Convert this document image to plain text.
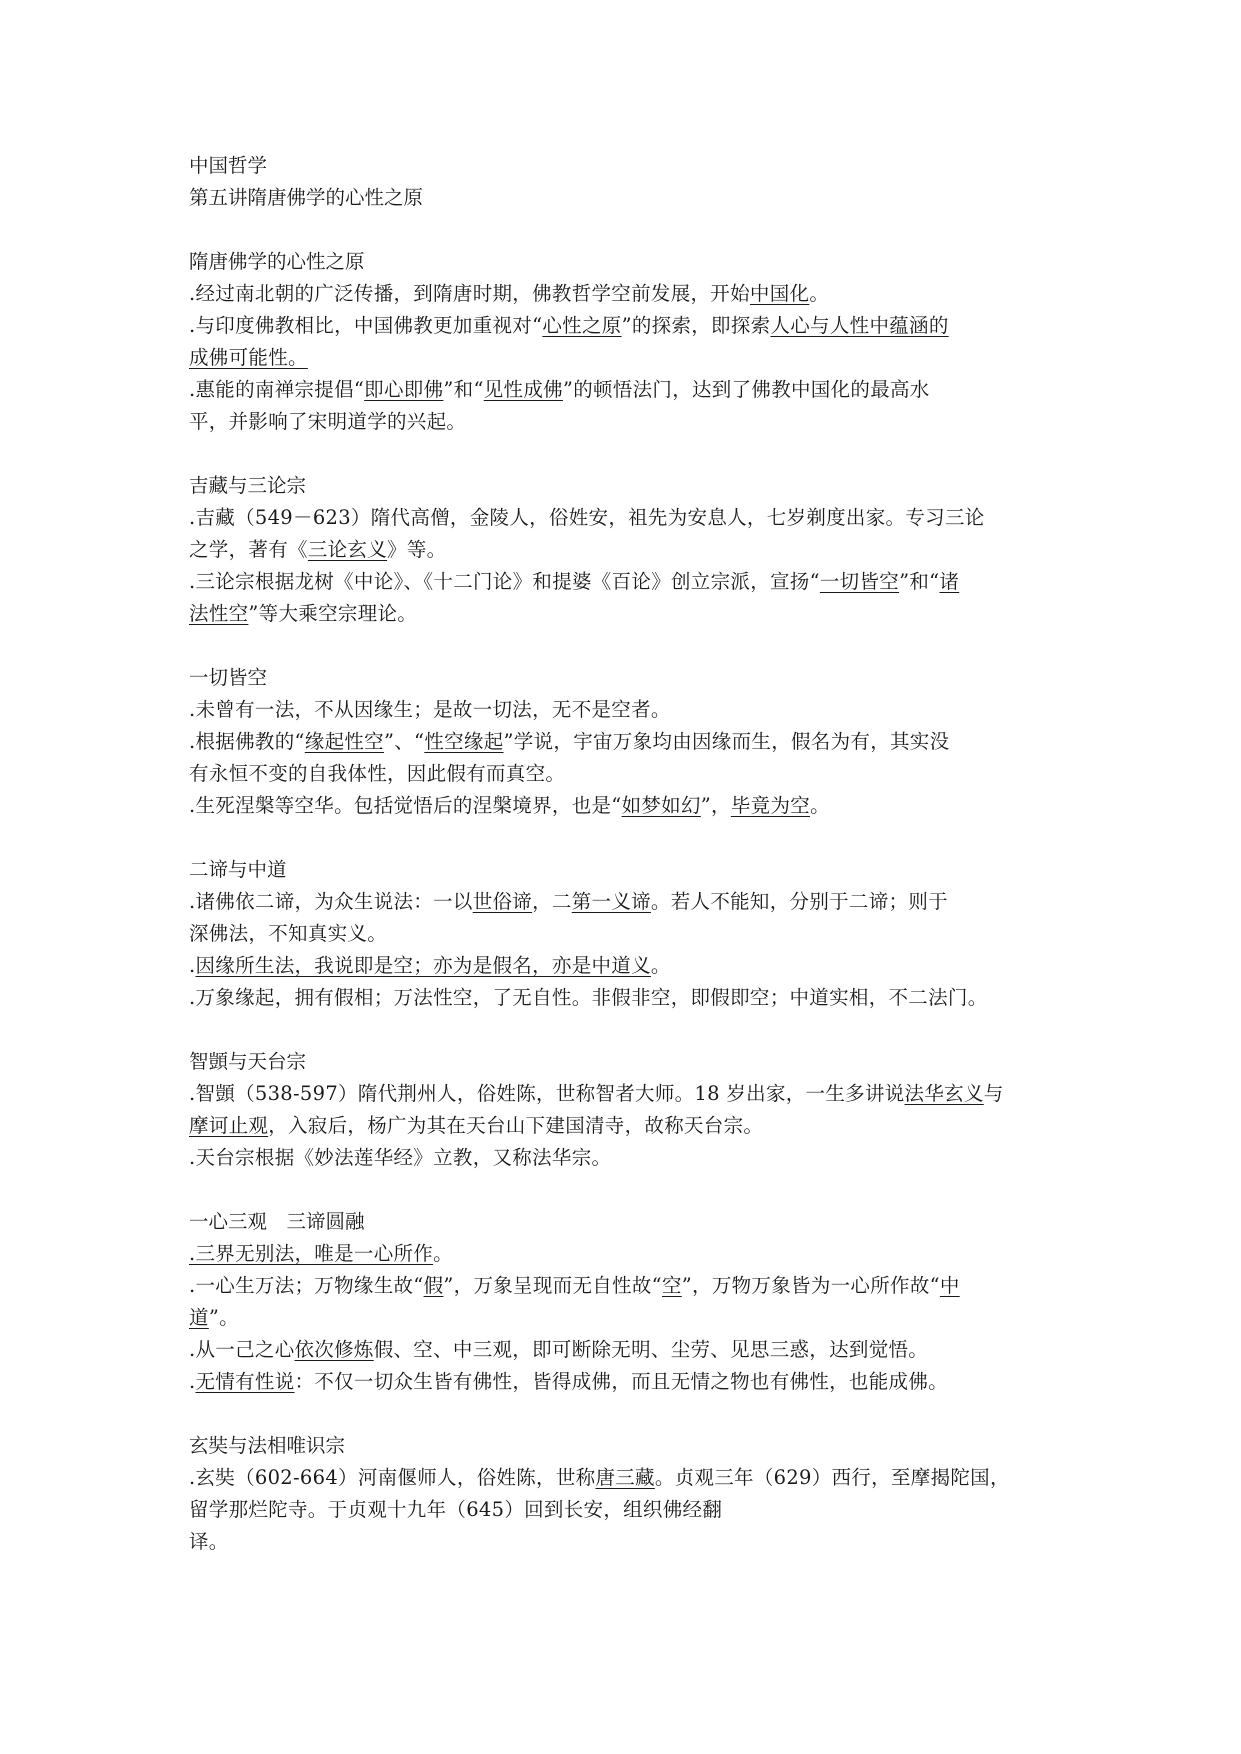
中国哲学
第五讲隋唐佛学的心性之原
隋唐佛学的心性之原
.经过南北朝的广泛传播，到隋唐时期，佛教哲学空前发展，开始中国化。
.与印度佛教相比，中国佛教更加重视对“心性之原”的探索，即探索人心与人性中蕴涵的
成佛可能性。
.惠能的南禅宗提倡“即心即佛”和“见性成佛”的顿悟法门，达到了佛教中国化的最高水
平，并影响了宋明道学的兴起。
吉藏与三论宗
.吉藏（549－623）隋代高僧，金陵人，俗姓安，祖先为安息人，七岁剃度出家。专习三论
之学，著有《三论玄义》等。
.三论宗根据龙树《中论》、《十二门论》和提婆《百论》创立宗派，宣扬“一切皆空”和“诸
法性空”等大乘空宗理论。
一切皆空
.未曾有一法，不从因缘生；是故一切法，无不是空者。
.根据佛教的“缘起性空”、“性空缘起”学说，宇宙万象均由因缘而生，假名为有，其实没
有永恒不变的自我体性，因此假有而真空。
.生死涅槃等空华。包括觉悟后的涅槃境界，也是“如梦如幻”，毕竟为空。
二谛与中道
.诸佛依二谛，为众生说法：一以世俗谛，二第一义谛。若人不能知，分别于二谛；则于
深佛法，不知真实义。
.因缘所生法，我说即是空；亦为是假名，亦是中道义。
.万象缘起，拥有假相；万法性空，了无自性。非假非空，即假即空；中道实相，不二法门。
智顗与天台宗
.智顗（538-597）隋代荆州人，俗姓陈，世称智者大师。18 岁出家，一生多讲说法华玄义与
摩诃止观，入寂后，杨广为其在天台山下建国清寺，故称天台宗。
.天台宗根据《妙法莲华经》立教，又称法华宗。
一心三观　三谛圆融
.三界无别法，唯是一心所作。
.一心生万法；万物缘生故“假”，万象呈现而无自性故“空”，万物万象皆为一心所作故“中
道”。
.从一己之心依次修炼假、空、中三观，即可断除无明、尘劳、见思三惑，达到觉悟。
.无情有性说：不仅一切众生皆有佛性，皆得成佛，而且无情之物也有佛性，也能成佛。
玄奘与法相唯识宗
.玄奘（602-664）河南偃师人，俗姓陈，世称唐三藏。贞观三年（629）西行，至摩揭陀国，
留学那烂陀寺。于贞观十九年（645）回到长安，组织佛经翻
译。
